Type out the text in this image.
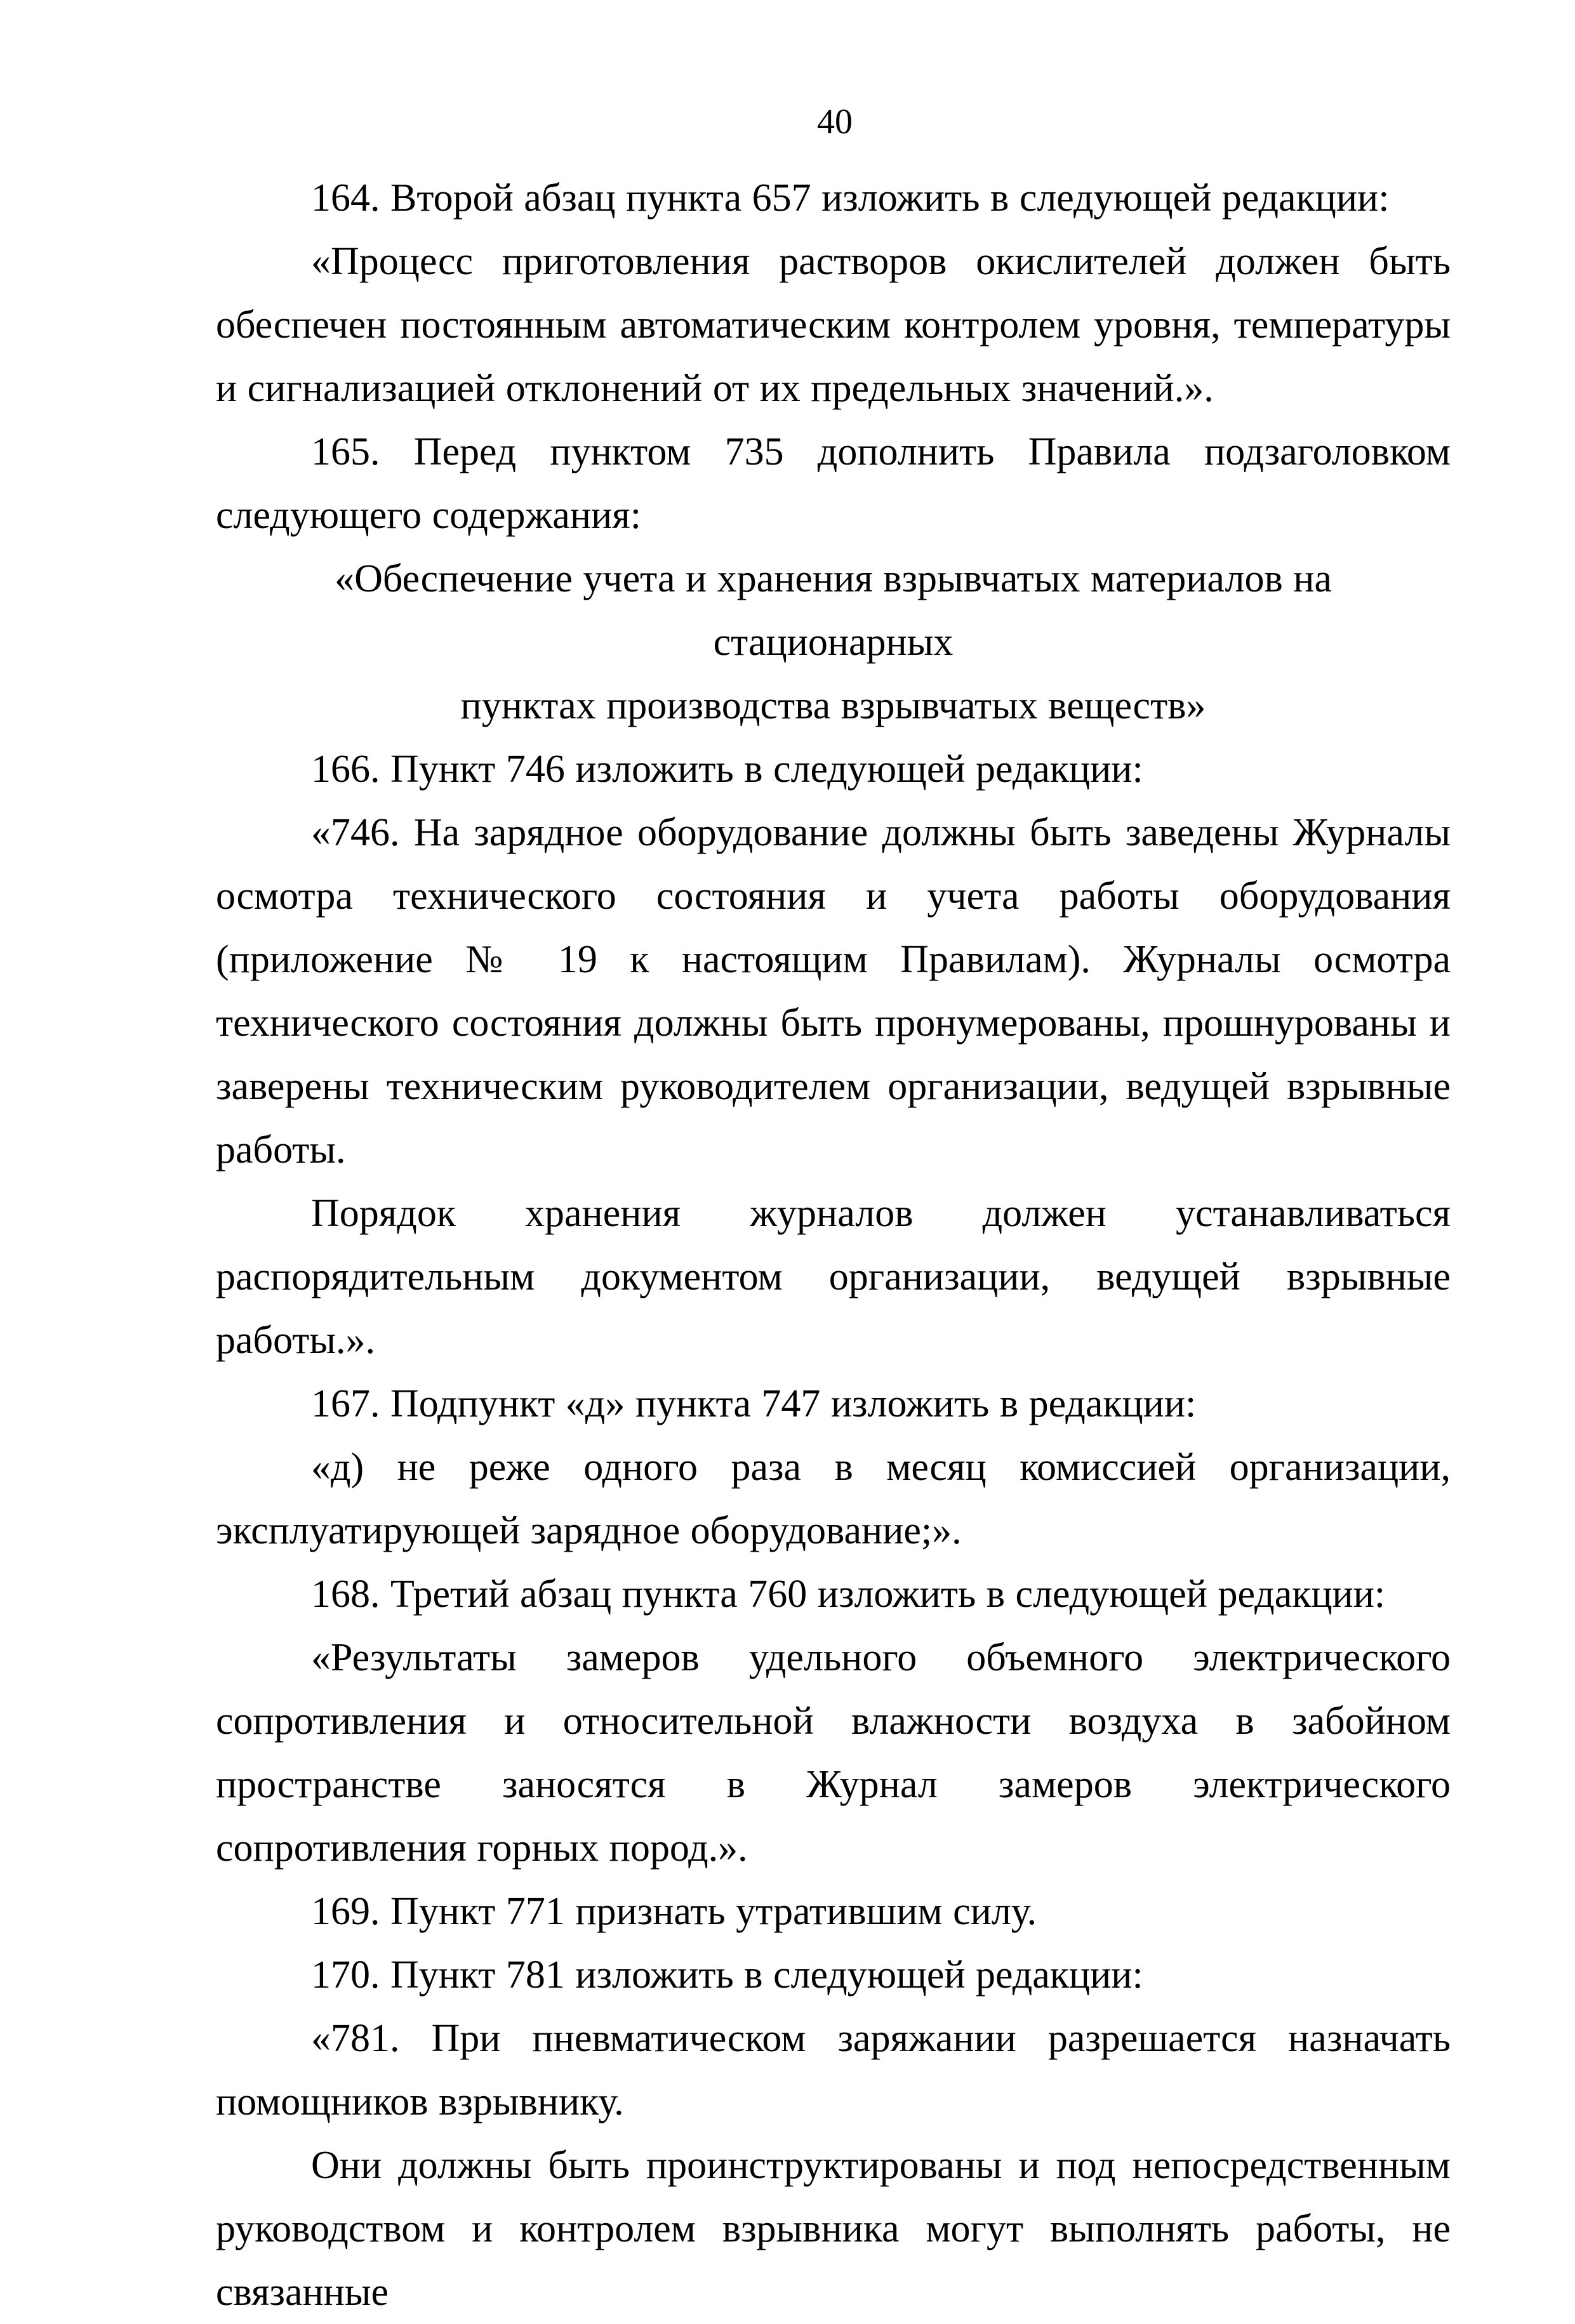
40

164. Второй абзац пункта 657 изложить в следующей редакции:

«Процесс приготовления растворов окислителей должен быть обеспечен постоянным автоматическим контролем уровня, температуры и сигнализацией отклонений от их предельных значений.».

165. Перед пунктом 735 дополнить Правила подзаголовком следующего содержания:

«Обеспечение учета и хранения взрывчатых материалов на стационарных

пунктах производства взрывчатых веществ»

166. Пункт 746 изложить в следующей редакции:

«746. На зарядное оборудование должны быть заведены Журналы осмотра технического состояния и учета работы оборудования (приложение № 19 к настоящим Правилам). Журналы осмотра технического состояния должны быть пронумерованы, прошнурованы и заверены техническим руководителем организации, ведущей взрывные работы.

Порядок хранения журналов должен устанавливаться распорядительным документом организации, ведущей взрывные работы.».

167. Подпункт «д» пункта 747 изложить в редакции:

«д) не реже одного раза в месяц комиссией организации, эксплуатирующей зарядное оборудование;».

168. Третий абзац пункта 760 изложить в следующей редакции:

«Результаты замеров удельного объемного электрического сопротивления и относительной влажности воздуха в забойном пространстве заносятся в Журнал замеров электрического сопротивления горных пород.».

169. Пункт 771 признать утратившим силу.

170. Пункт 781 изложить в следующей редакции:

«781. При пневматическом заряжании разрешается назначать помощников взрывнику.

Они должны быть проинструктированы и под непосредственным руководством и контролем взрывника могут выполнять работы, не связанные
